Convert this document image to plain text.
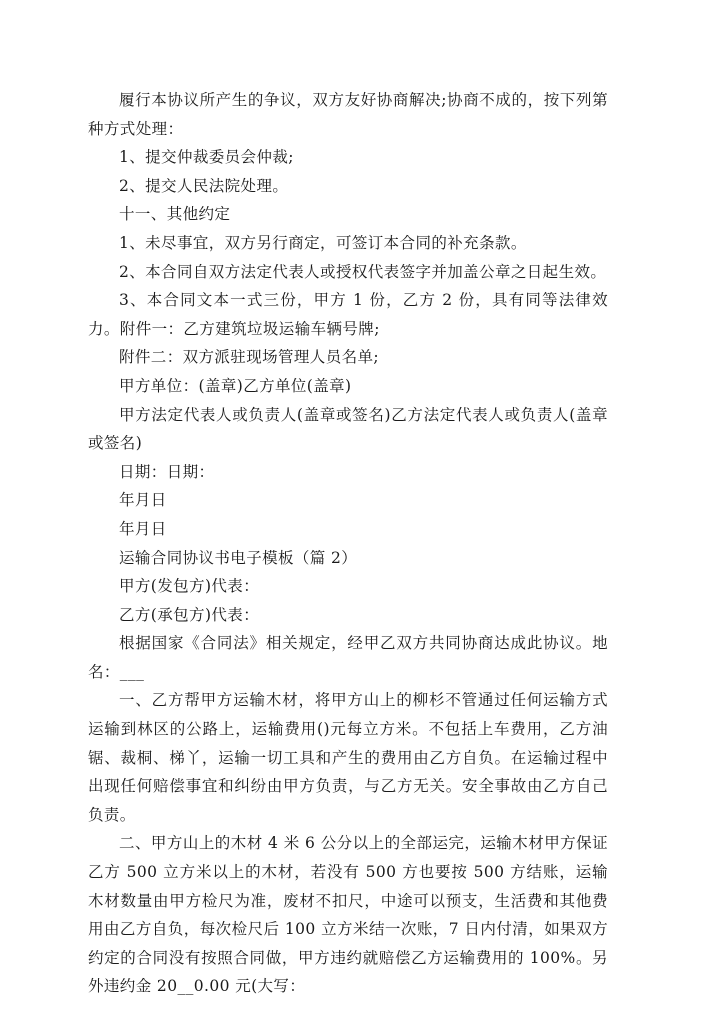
履行本协议所产生的争议，双方友好协商解决;协商不成的，按下列第种方式处理：

1、提交仲裁委员会仲裁;

2、提交人民法院处理。

十一、其他约定

1、未尽事宜，双方另行商定，可签订本合同的补充条款。

2、本合同自双方法定代表人或授权代表签字并加盖公章之日起生效。

3、本合同文本一式三份，甲方 1 份，乙方 2 份，具有同等法律效力。附件一：乙方建筑垃圾运输车辆号牌;

附件二：双方派驻现场管理人员名单;

甲方单位：(盖章)乙方单位(盖章)

甲方法定代表人或负责人(盖章或签名)乙方法定代表人或负责人(盖章或签名)

日期：日期：

年月日

年月日

运输合同协议书电子模板（篇 2）

甲方(发包方)代表：

乙方(承包方)代表：

根据国家《合同法》相关规定，经甲乙双方共同协商达成此协议。地名：___

一、乙方帮甲方运输木材，将甲方山上的柳杉不管通过任何运输方式运输到林区的公路上，运输费用()元每立方米。不包括上车费用，乙方油锯、裁桐、梯丫，运输一切工具和产生的费用由乙方自负。在运输过程中出现任何赔偿事宜和纠纷由甲方负责，与乙方无关。安全事故由乙方自己负责。

二、甲方山上的木材 4 米 6 公分以上的全部运完，运输木材甲方保证乙方 500 立方米以上的木材，若没有 500 方也要按 500 方结账，运输木材数量由甲方检尺为准，废材不扣尺，中途可以预支，生活费和其他费用由乙方自负，每次检尺后 100 立方米结一次账，7 日内付清，如果双方约定的合同没有按照合同做，甲方违约就赔偿乙方运输费用的 100%。另外违约金 20__0.00 元(大写：
